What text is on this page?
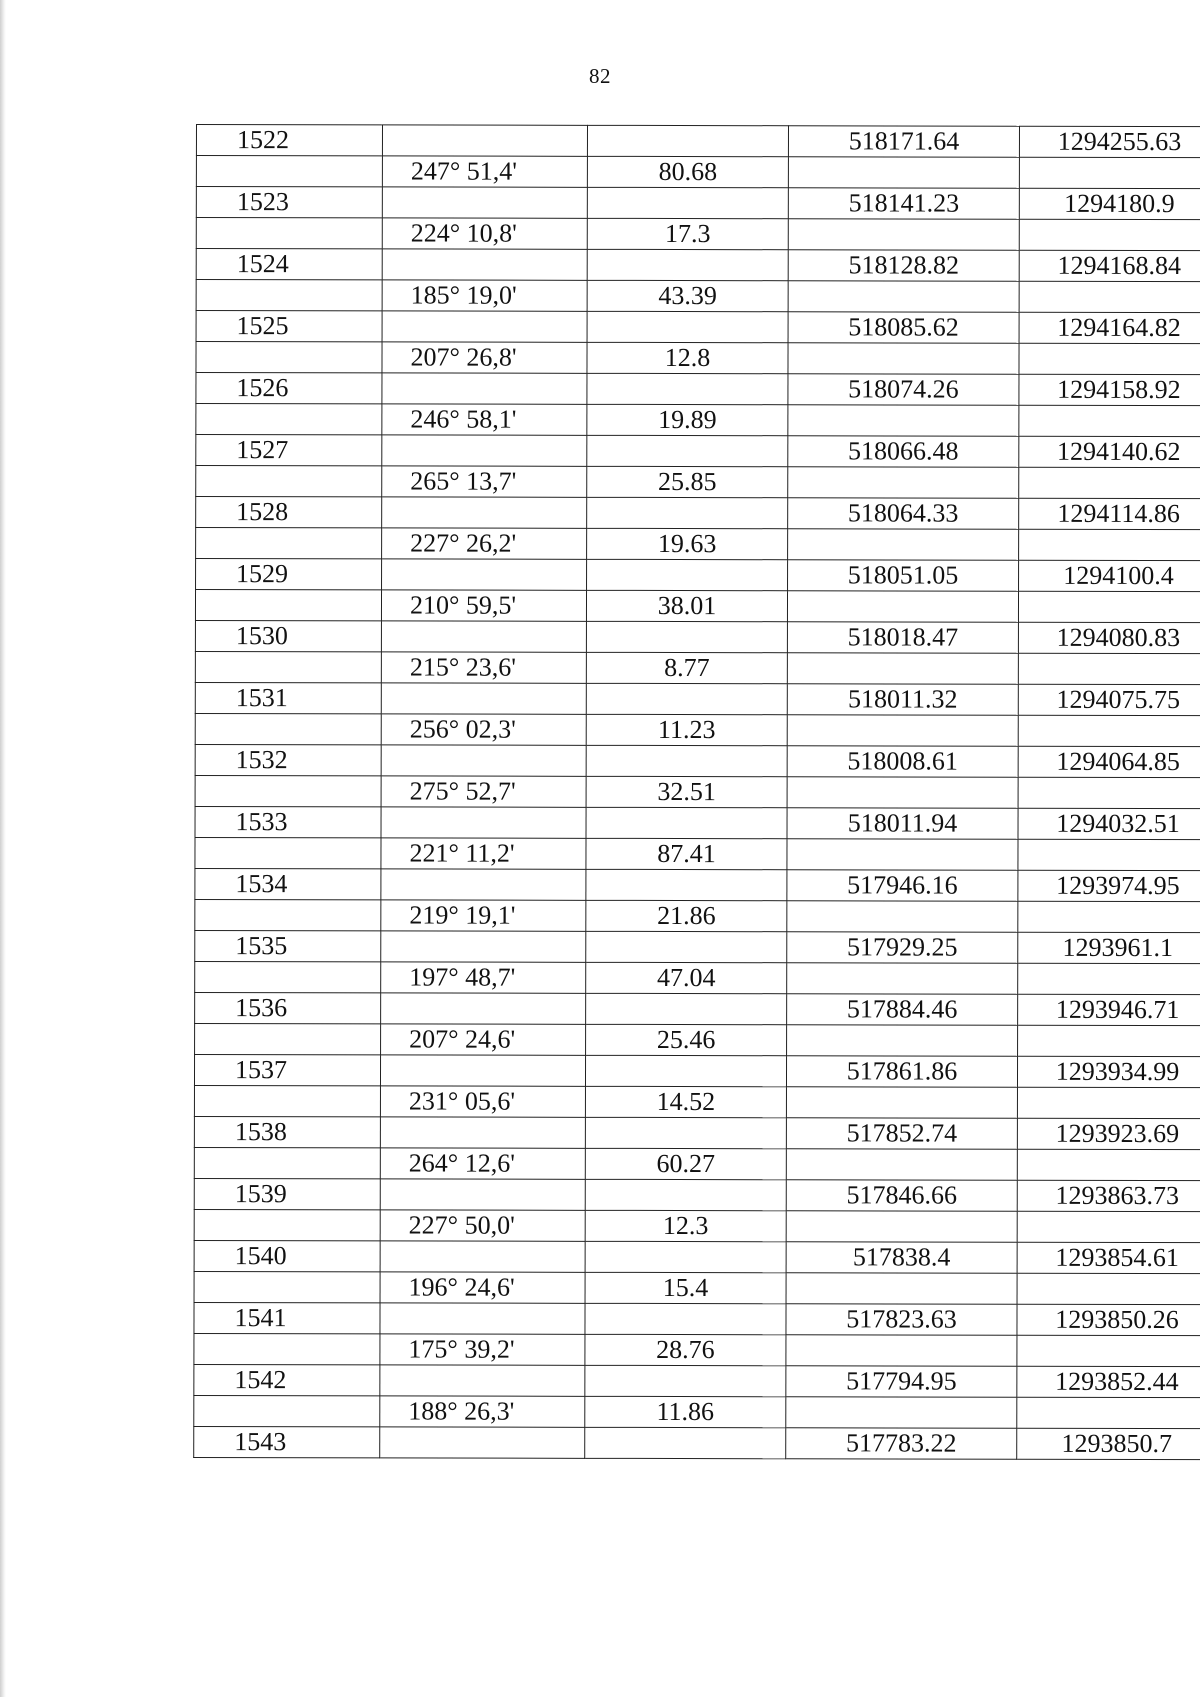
82
1522			518171.64	1294255.63
	247° 51,4'	80.68		
1523			518141.23	1294180.9
	224° 10,8'	17.3		
1524			518128.82	1294168.84
	185° 19,0'	43.39		
1525			518085.62	1294164.82
	207° 26,8'	12.8		
1526			518074.26	1294158.92
	246° 58,1'	19.89		
1527			518066.48	1294140.62
	265° 13,7'	25.85		
1528			518064.33	1294114.86
	227° 26,2'	19.63		
1529			518051.05	1294100.4
	210° 59,5'	38.01		
1530			518018.47	1294080.83
	215° 23,6'	8.77		
1531			518011.32	1294075.75
	256° 02,3'	11.23		
1532			518008.61	1294064.85
	275° 52,7'	32.51		
1533			518011.94	1294032.51
	221° 11,2'	87.41		
1534			517946.16	1293974.95
	219° 19,1'	21.86		
1535			517929.25	1293961.1
	197° 48,7'	47.04		
1536			517884.46	1293946.71
	207° 24,6'	25.46		
1537			517861.86	1293934.99
	231° 05,6'	14.52		
1538			517852.74	1293923.69
	264° 12,6'	60.27		
1539			517846.66	1293863.73
	227° 50,0'	12.3		
1540			517838.4	1293854.61
	196° 24,6'	15.4		
1541			517823.63	1293850.26
	175° 39,2'	28.76		
1542			517794.95	1293852.44
	188° 26,3'	11.86		
1543			517783.22	1293850.7
